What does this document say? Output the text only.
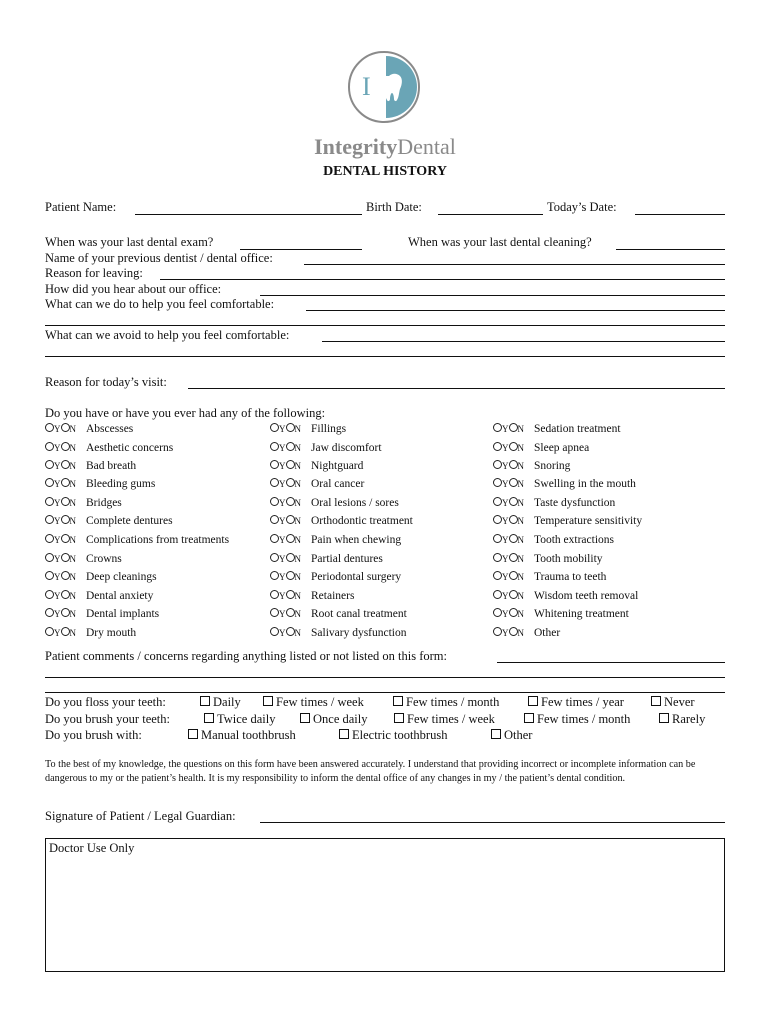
I
IntegrityDental
DENTAL HISTORY
Patient Name:	Birth Date:	Today’s Date:
When was your last dental exam?	When was your last dental cleaning?
Name of your previous dentist / dental office:
Reason for leaving:
How did you hear about our office:
What can we do to help you feel comfortable:
What can we avoid to help you feel comfortable:
Reason for today’s visit:
Do you have or have you ever had any of the following:
Y N Abscesses
Y N Aesthetic concerns
Y N Bad breath
Y N Bleeding gums
Y N Bridges
Y N Complete dentures
Y N Complications from treatments
Y N Crowns
Y N Deep cleanings
Y N Dental anxiety
Y N Dental implants
Y N Dry mouth
Y N Fillings
Y N Jaw discomfort
Y N Nightguard
Y N Oral cancer
Y N Oral lesions / sores
Y N Orthodontic treatment
Y N Pain when chewing
Y N Partial dentures
Y N Periodontal surgery
Y N Retainers
Y N Root canal treatment
Y N Salivary dysfunction
Y N Sedation treatment
Y N Sleep apnea
Y N Snoring
Y N Swelling in the mouth
Y N Taste dysfunction
Y N Temperature sensitivity
Y N Tooth extractions
Y N Tooth mobility
Y N Trauma to teeth
Y N Wisdom teeth removal
Y N Whitening treatment
Y N Other
Patient comments / concerns regarding anything listed or not listed on this form:
Do you floss your teeth:	Daily	Few times / week	Few times / month	Few times / year	Never
Do you brush your teeth:	Twice daily	Once daily	Few times / week	Few times / month	Rarely
Do you brush with:	Manual toothbrush	Electric toothbrush	Other
To the best of my knowledge, the questions on this form have been answered accurately. I understand that providing incorrect or incomplete information can be dangerous to my or the patient’s health. It is my responsibility to inform the dental office of any changes in my / the patient’s dental condition.
Signature of Patient / Legal Guardian:
Doctor Use Only
